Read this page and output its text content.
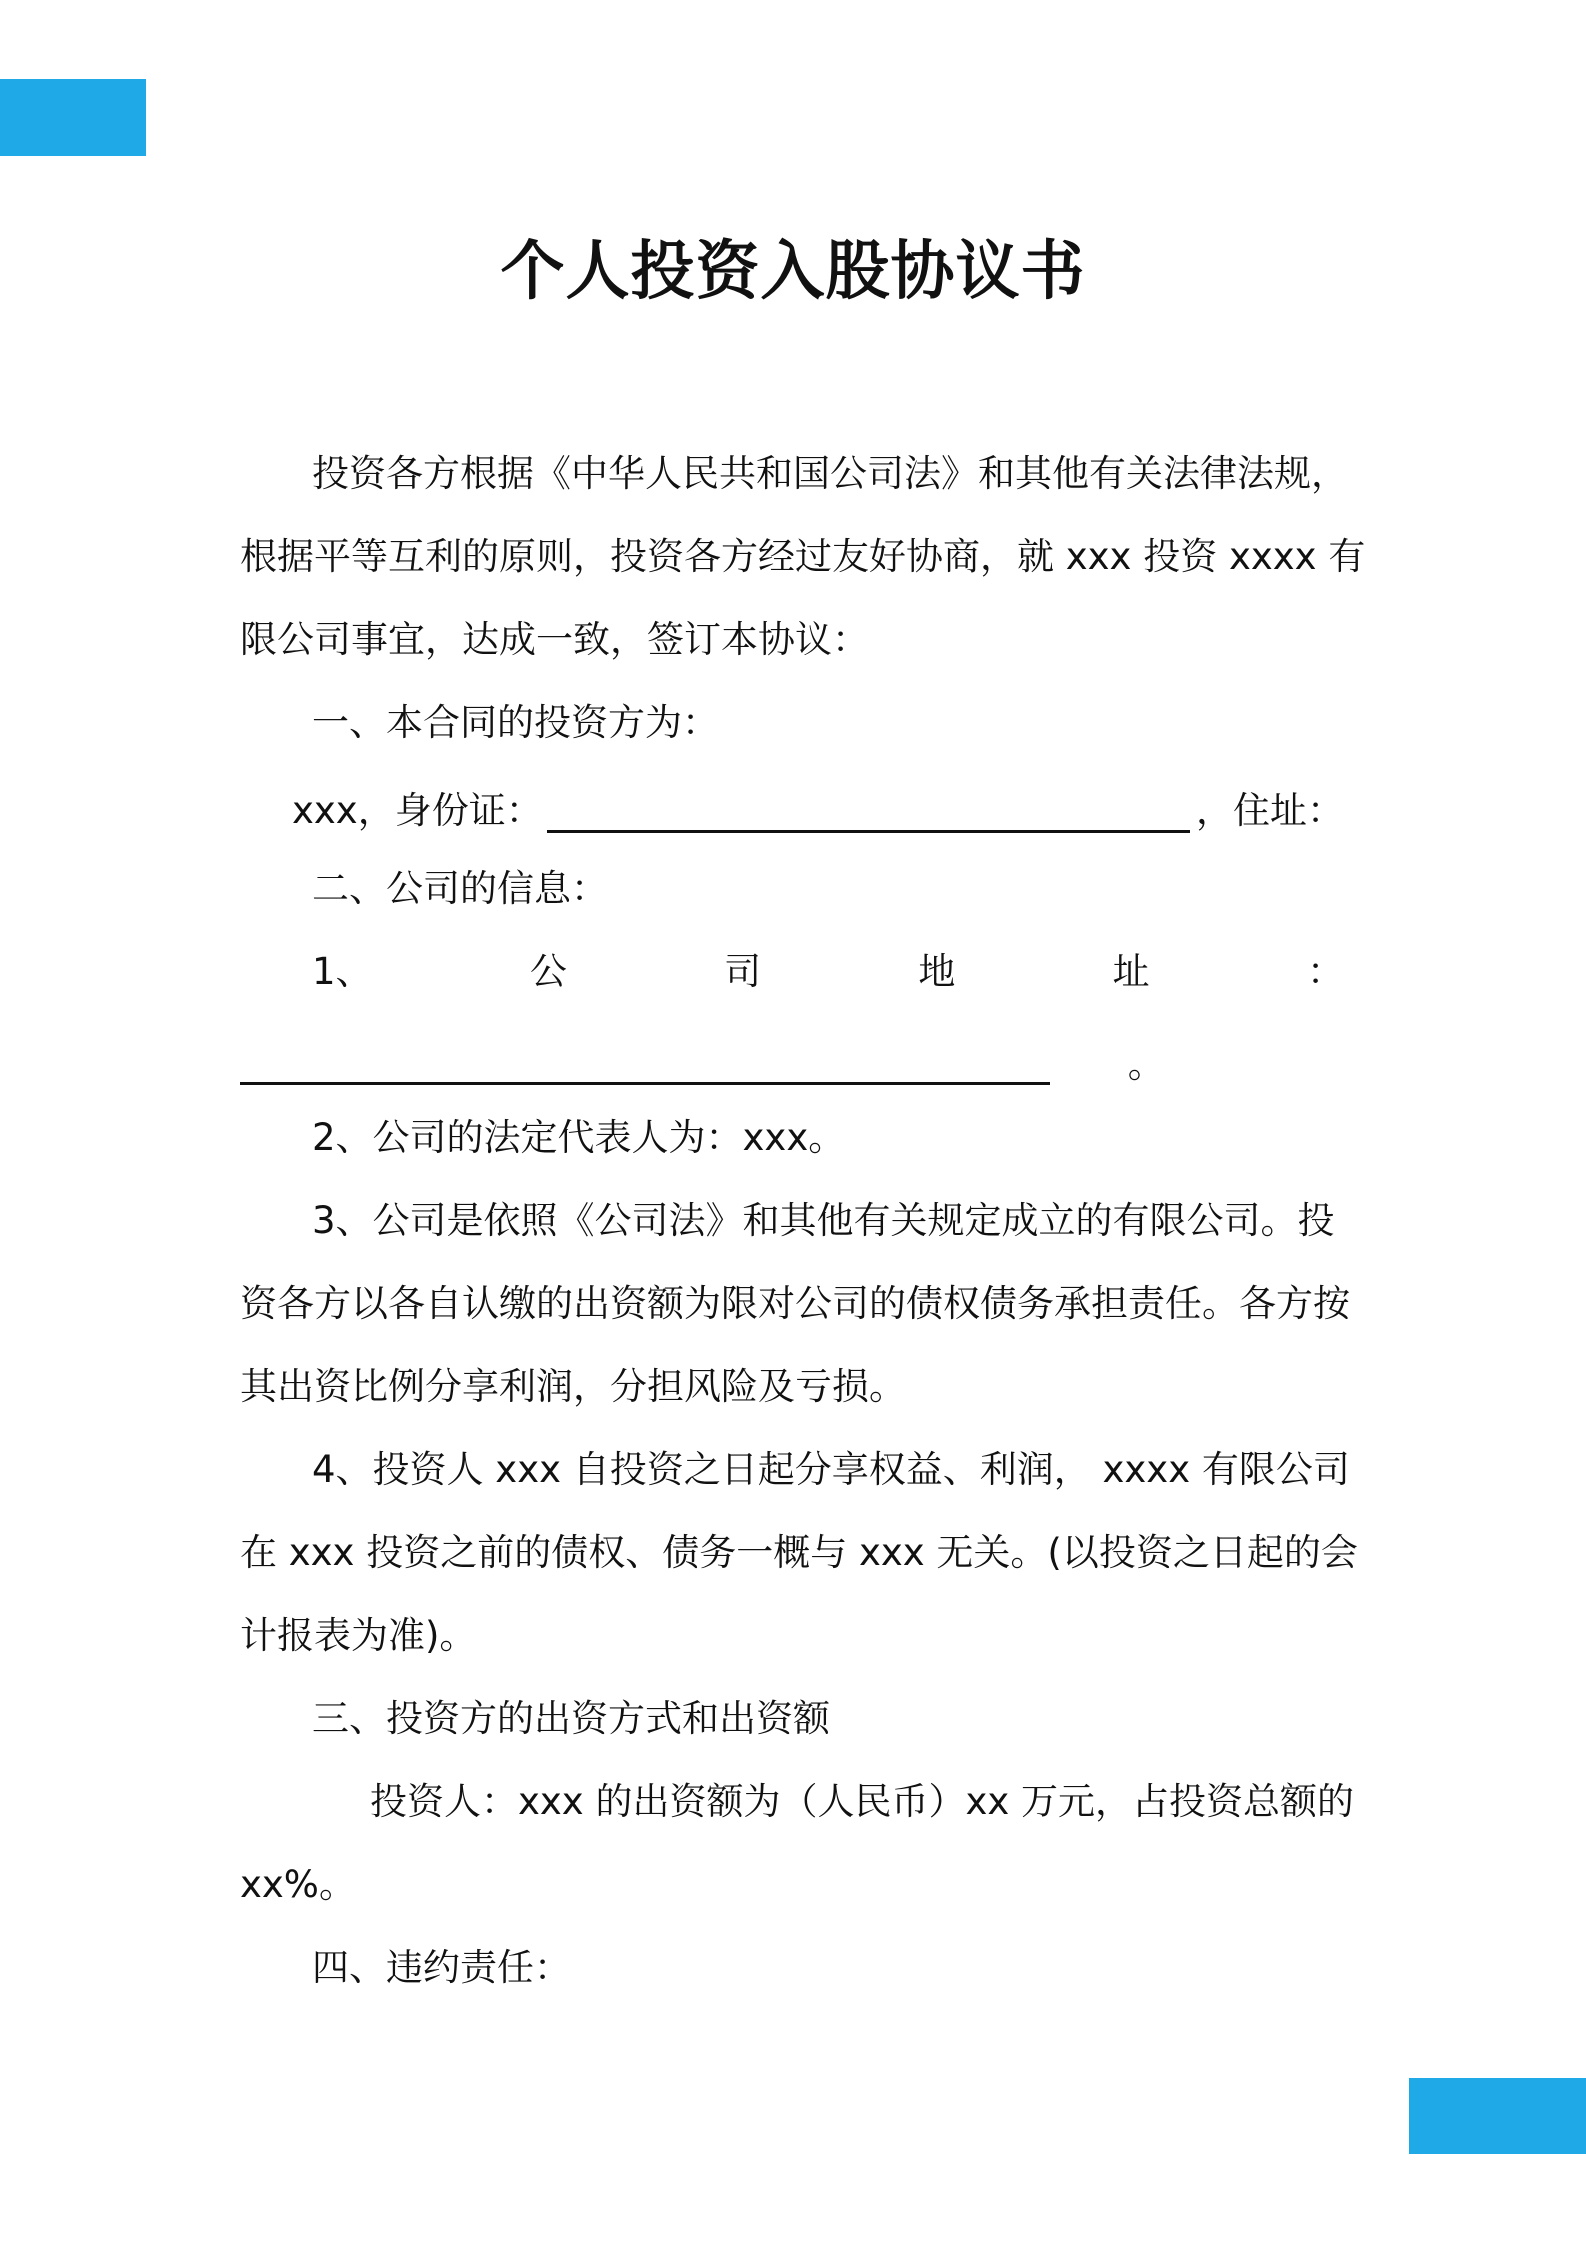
个人投资入股协议书
投资各方根据《中华人民共和国公司法》和其他有关法律法规，
根据平等互利的原则，投资各方经过友好协商，就 xxx 投资 xxxx 有
限公司事宜，达成一致，签订本协议：
一、本合同的投资方为：
xxx，身份证：	，住址：
二、公司的信息：
1、	公	司	地	址	：
。
2、公司的法定代表人为：xxx。
3、公司是依照《公司法》和其他有关规定成立的有限公司。投
资各方以各自认缴的出资额为限对公司的债权债务承担责任。各方按
其出资比例分享利润，分担风险及亏损。
4、投资人 xxx 自投资之日起分享权益、利润， xxxx 有限公司
在 xxx 投资之前的债权、债务一概与 xxx 无关。(以投资之日起的会
计报表为准)。
三、投资方的出资方式和出资额
投资人：xxx 的出资额为（人民币）xx 万元，占投资总额的
xx%。
四、违约责任：
